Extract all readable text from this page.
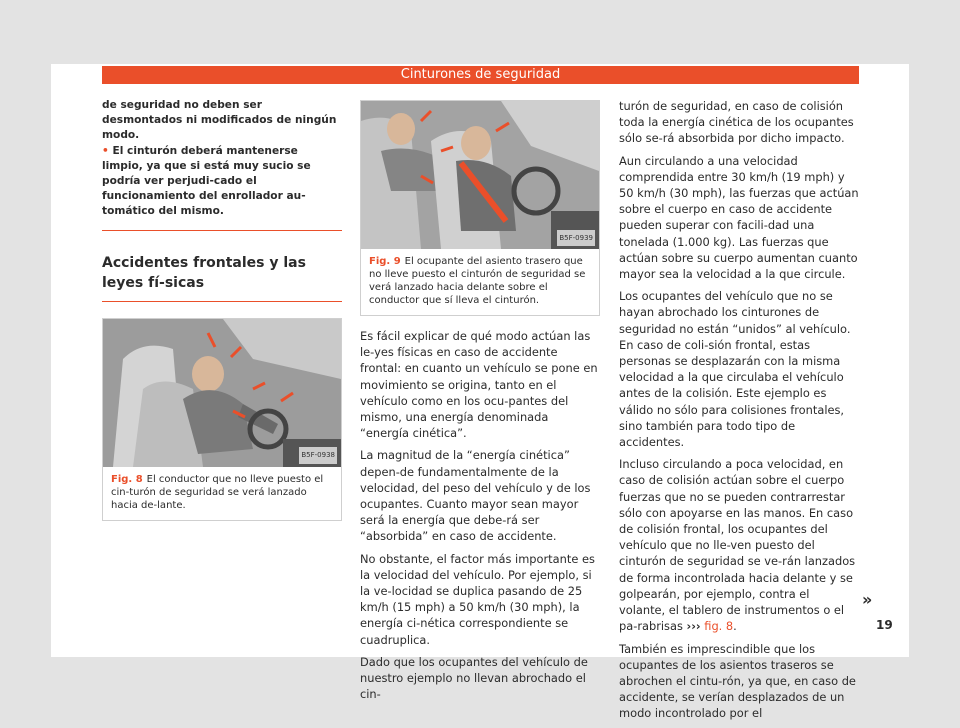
Cinturones de seguridad

de seguridad no deben ser desmontados ni modificados de ningún modo.

• El cinturón deberá mantenerse limpio, ya que si está muy sucio se podría ver perjudi-cado el funcionamiento del enrollador au-tomático del mismo.

Accidentes frontales y las leyes fí-sicas
B5F-0938
Fig. 8 El conductor que no lleve puesto el cin-turón de seguridad se verá lanzado hacia de-lante.
B5F-0939
Fig. 9 El ocupante del asiento trasero que no lleve puesto el cinturón de seguridad se verá lanzado hacia delante sobre el conductor que sí lleva el cinturón.

Es fácil explicar de qué modo actúan las le-yes físicas en caso de accidente frontal: en cuanto un vehículo se pone en movimiento se origina, tanto en el vehículo como en los ocu-pantes del mismo, una energía denominada “energía cinética”.

La magnitud de la “energía cinética” depen-de fundamentalmente de la velocidad, del peso del vehículo y de los ocupantes. Cuanto mayor sean mayor será la energía que debe-rá ser “absorbida” en caso de accidente.

No obstante, el factor más importante es la velocidad del vehículo. Por ejemplo, si la ve-locidad se duplica pasando de 25 km/h (15 mph) a 50 km/h (30 mph), la energía ci-nética correspondiente se cuadruplica.

Dado que los ocupantes del vehículo de nuestro ejemplo no llevan abrochado el cin-

turón de seguridad, en caso de colisión toda la energía cinética de los ocupantes sólo se-rá absorbida por dicho impacto.

Aun circulando a una velocidad comprendida entre 30 km/h (19 mph) y 50 km/h (30 mph), las fuerzas que actúan sobre el cuerpo en caso de accidente pueden superar con facili-dad una tonelada (1.000 kg). Las fuerzas que actúan sobre su cuerpo aumentan cuanto mayor sea la velocidad a la que circule.

Los ocupantes del vehículo que no se hayan abrochado los cinturones de seguridad no están “unidos” al vehículo. En caso de coli-sión frontal, estas personas se desplazarán con la misma velocidad a la que circulaba el vehículo antes de la colisión. Este ejemplo es válido no sólo para colisiones frontales, sino también para todo tipo de accidentes.

Incluso circulando a poca velocidad, en caso de colisión actúan sobre el cuerpo fuerzas que no se pueden contrarrestar sólo con apoyarse en las manos. En caso de colisión frontal, los ocupantes del vehículo que no lle-ven puesto del cinturón de seguridad se ve-rán lanzados de forma incontrolada hacia delante y se golpearán, por ejemplo, contra el volante, el tablero de instrumentos o el pa-rabrisas ››› fig. 8.

También es imprescindible que los ocupantes de los asientos traseros se abrochen el cintu-rón, ya que, en caso de accidente, se verían desplazados de un modo incontrolado por el

»
19
